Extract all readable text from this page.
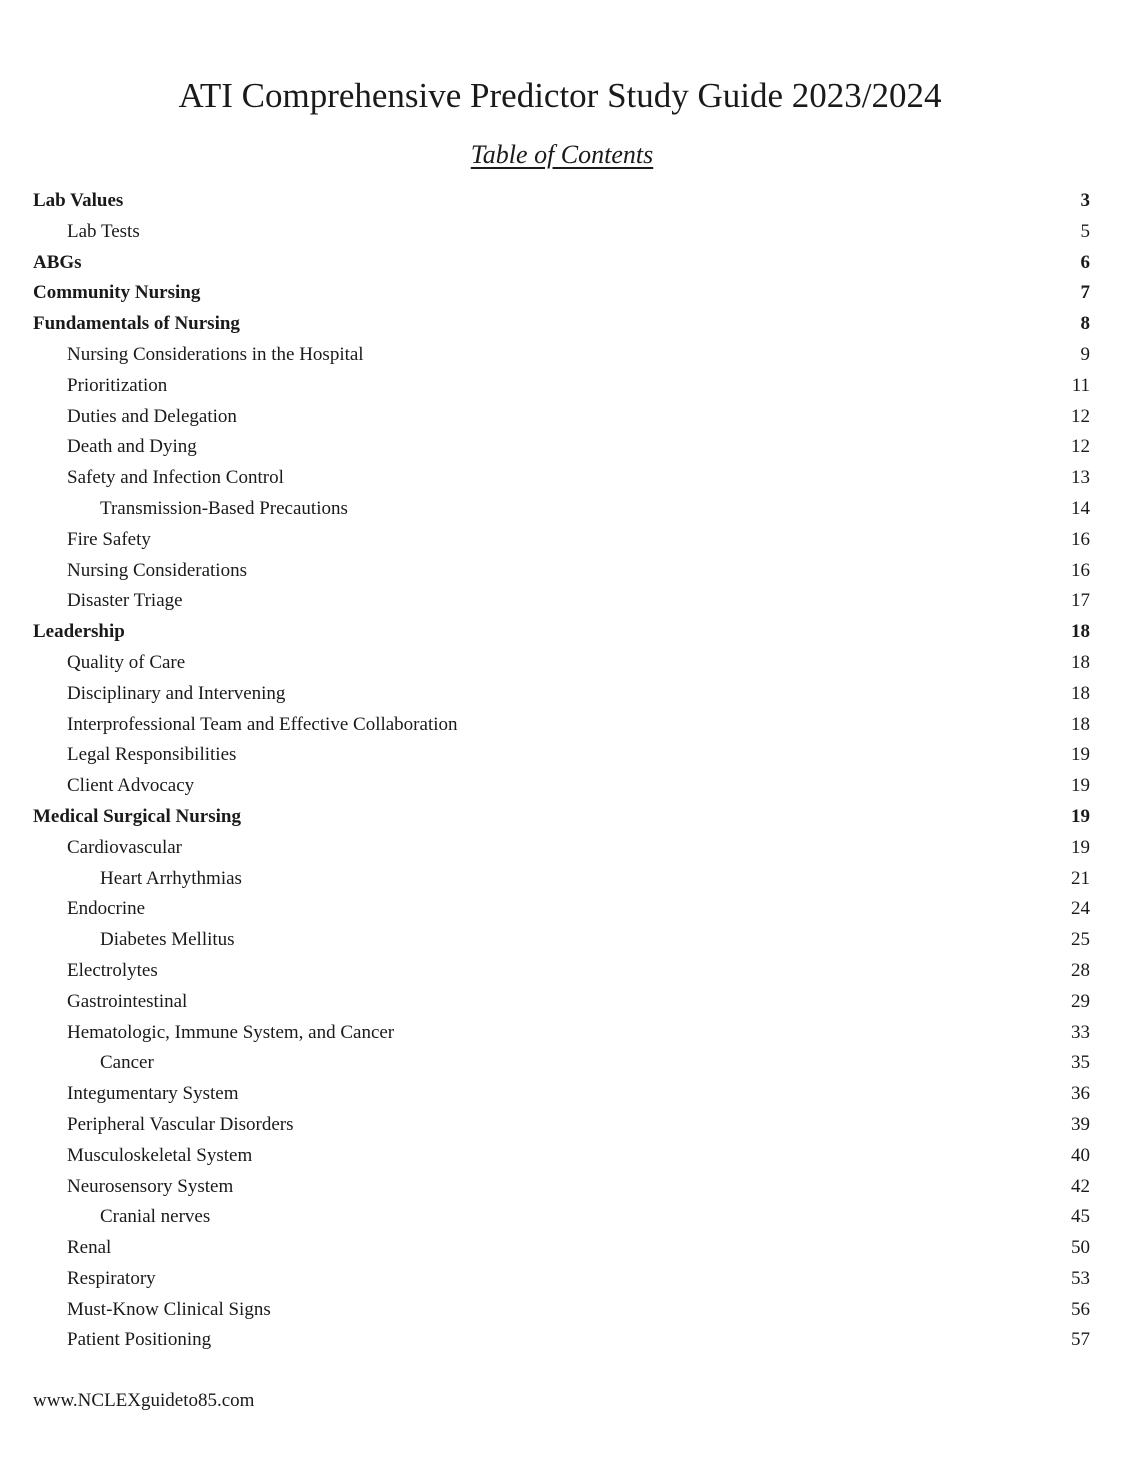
ATI Comprehensive Predictor Study Guide 2023/2024
Table of Contents
Lab Values	3
Lab Tests	5
ABGs	6
Community Nursing	7
Fundamentals of Nursing	8
Nursing Considerations in the Hospital	9
Prioritization	11
Duties and Delegation	12
Death and Dying	12
Safety and Infection Control	13
Transmission-Based Precautions	14
Fire Safety	16
Nursing Considerations	16
Disaster Triage	17
Leadership	18
Quality of Care	18
Disciplinary and Intervening	18
Interprofessional Team and Effective Collaboration	18
Legal Responsibilities	19
Client Advocacy	19
Medical Surgical Nursing	19
Cardiovascular	19
Heart Arrhythmias	21
Endocrine	24
Diabetes Mellitus	25
Electrolytes	28
Gastrointestinal	29
Hematologic, Immune System, and Cancer	33
Cancer	35
Integumentary System	36
Peripheral Vascular Disorders	39
Musculoskeletal System	40
Neurosensory System	42
Cranial nerves	45
Renal	50
Respiratory	53
Must-Know Clinical Signs	56
Patient Positioning	57
www.NCLEXguideto85.com
